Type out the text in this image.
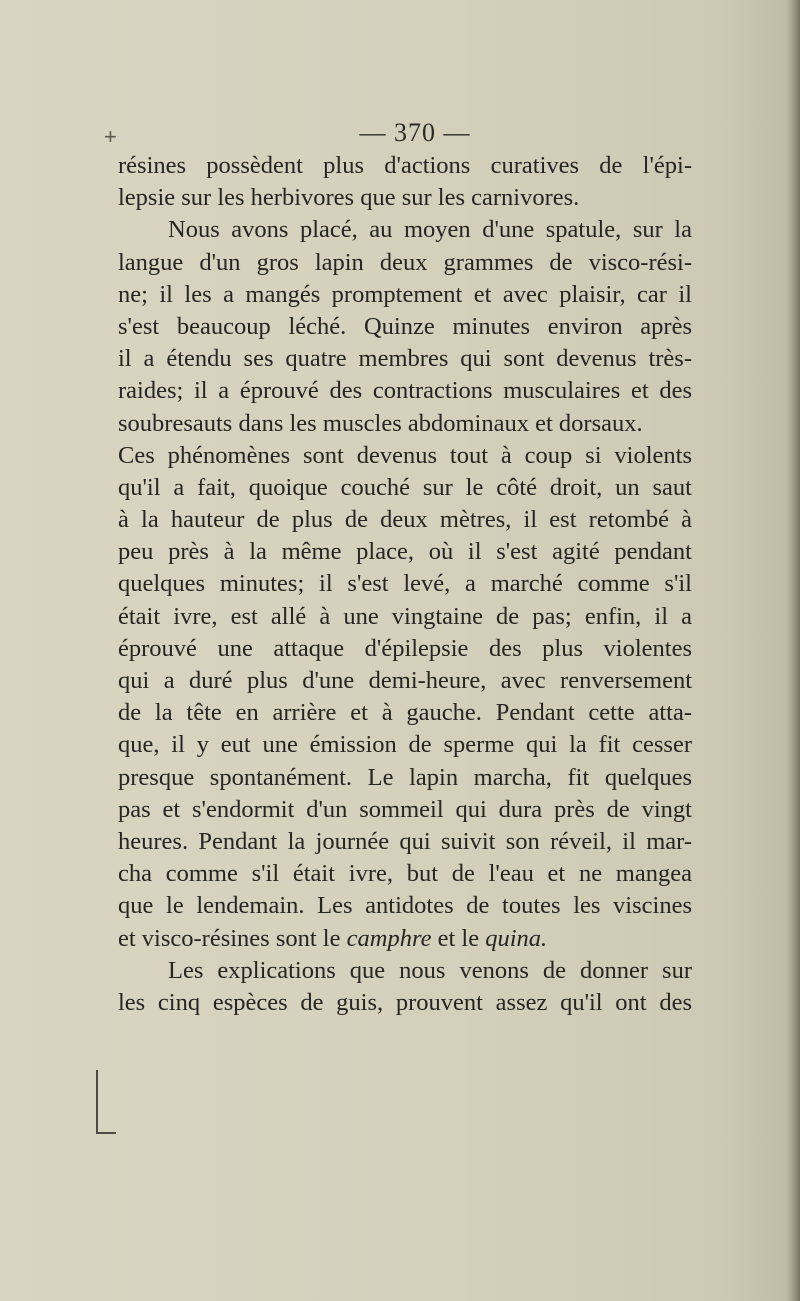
+	— 370 —
résines possèdent plus d'actions curatives de l'épi-
lepsie sur les herbivores que sur les carnivores.
Nous avons placé, au moyen d'une spatule, sur la
langue d'un gros lapin deux grammes de visco-rési-
ne; il les a mangés promptement et avec plaisir, car il
s'est beaucoup léché. Quinze minutes environ après
il a étendu ses quatre membres qui sont devenus très-
raides; il a éprouvé des contractions musculaires et des
soubresauts dans les muscles abdominaux et dorsaux.
Ces phénomènes sont devenus tout à coup si violents
qu'il a fait, quoique couché sur le côté droit, un saut
à la hauteur de plus de deux mètres, il est retombé à
peu près à la même place, où il s'est agité pendant
quelques minutes; il s'est levé, a marché comme s'il
était ivre, est allé à une vingtaine de pas; enfin, il a
éprouvé une attaque d'épilepsie des plus violentes
qui a duré plus d'une demi-heure, avec renversement
de la tête en arrière et à gauche. Pendant cette atta-
que, il y eut une émission de sperme qui la fit cesser
presque spontanément. Le lapin marcha, fit quelques
pas et s'endormit d'un sommeil qui dura près de vingt
heures. Pendant la journée qui suivit son réveil, il mar-
cha comme s'il était ivre, but de l'eau et ne mangea
que le lendemain. Les antidotes de toutes les viscines
et visco-résines sont le camphre et le quina.
Les explications que nous venons de donner sur
les cinq espèces de guis, prouvent assez qu'il ont des
